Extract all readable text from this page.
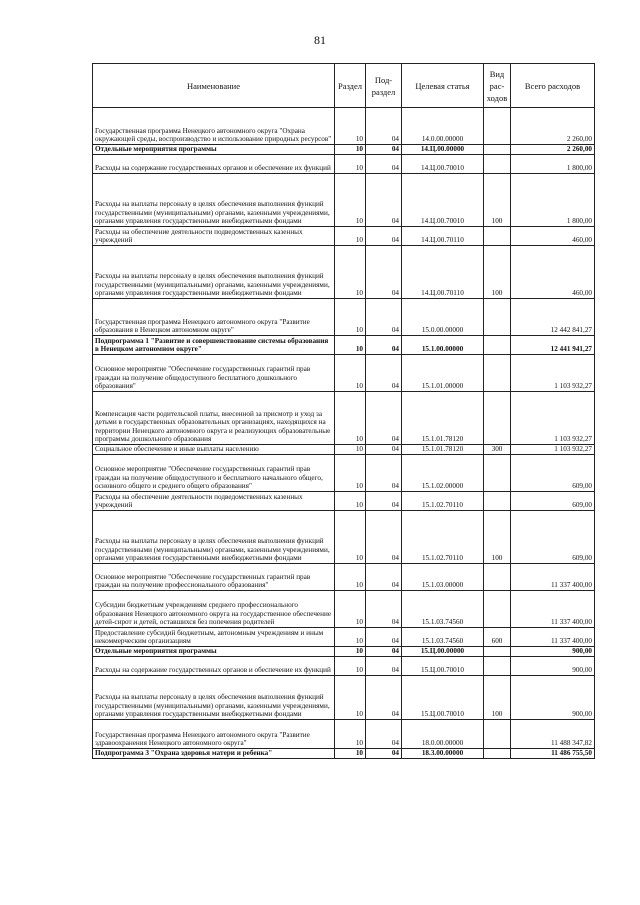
81
Наименование	Раздел	Под-раздел	Целевая статья	Вид рас-ходов	Всего расходов
Государственная программа Ненецкого автономного округа "Охрана окружающей среды, воспроизводство и использование природных ресурсов"	10	04	14.0.00.00000		2 260,00
Отдельные мероприятия программы	10	04	14.Ц.00.00000		2 260,00
Расходы на содержание государственных органов и обеспечение их функций	10	04	14.Ц.00.70010		1 800,00
Расходы на выплаты персоналу в целях обеспечения выполнения функций государственными (муниципальными) органами, казенными учреждениями, органами управления государственными внебюджетными фондами	10	04	14.Ц.00.70010	100	1 800,00
Расходы на обеспечение деятельности подведомственных казенных учреждений	10	04	14.Ц.00.70110		460,00
Расходы на выплаты персоналу в целях обеспечения выполнения функций государственными (муниципальными) органами, казенными учреждениями, органами управления государственными внебюджетными фондами	10	04	14.Ц.00.70110	100	460,00
Государственная программа Ненецкого автономного округа "Развитие образования в Ненецком автономном округе"	10	04	15.0.00.00000		12 442 841,27
Подпрограмма 1 "Развитие и совершенствование системы образования в Ненецком автономном округе"	10	04	15.1.00.00000		12 441 941,27
Основное мероприятие "Обеспечение государственных гарантий прав граждан на получение общедоступного бесплатного дошкольного образования"	10	04	15.1.01.00000		1 103 932,27
Компенсация части родительской платы, внесенной за присмотр и уход за детьми в государственных образовательных организациях, находящихся на территории Ненецкого автономного округа и реализующих образовательные программы дошкольного образования	10	04	15.1.01.78120		1 103 932,27
Социальное обеспечение и иные выплаты населению	10	04	15.1.01.78120	300	1 103 932,27
Основное мероприятие "Обеспечение государственных гарантий прав граждан на получение общедоступного и бесплатного начального общего, основного общего и среднего общего образования"	10	04	15.1.02.00000		609,00
Расходы на обеспечение деятельности подведомственных казенных учреждений	10	04	15.1.02.70110		609,00
Расходы на выплаты персоналу в целях обеспечения выполнения функций государственными (муниципальными) органами, казенными учреждениями, органами управления государственными внебюджетными фондами	10	04	15.1.02.70110	100	609,00
Основное мероприятие "Обеспечение государственных гарантий прав граждан на получение профессионального образования"	10	04	15.1.03.00000		11 337 400,00
Субсидии бюджетным учреждениям среднего профессионального образования Ненецкого автономного округа на государственное обеспечение детей-сирот и детей, оставшихся без попечения родителей	10	04	15.1.03.74560		11 337 400,00
Предоставление субсидий бюджетным, автономным учреждениям и иным некоммерческим организациям	10	04	15.1.03.74560	600	11 337 400,00
Отдельные мероприятия программы	10	04	15.Ц.00.00000		900,00
Расходы на содержание государственных органов и обеспечение их функций	10	04	15.Ц.00.70010		900,00
Расходы на выплаты персоналу в целях обеспечения выполнения функций государственными (муниципальными) органами, казенными учреждениями, органами управления государственными внебюджетными фондами	10	04	15.Ц.00.70010	100	900,00
Государственная программа Ненецкого автономного округа "Развитие здравоохранения Ненецкого автономного округа"	10	04	18.0.00.00000		11 488 347,82
Подпрограмма 3 "Охрана здоровья матери и ребенка"	10	04	18.3.00.00000		11 486 755,50
